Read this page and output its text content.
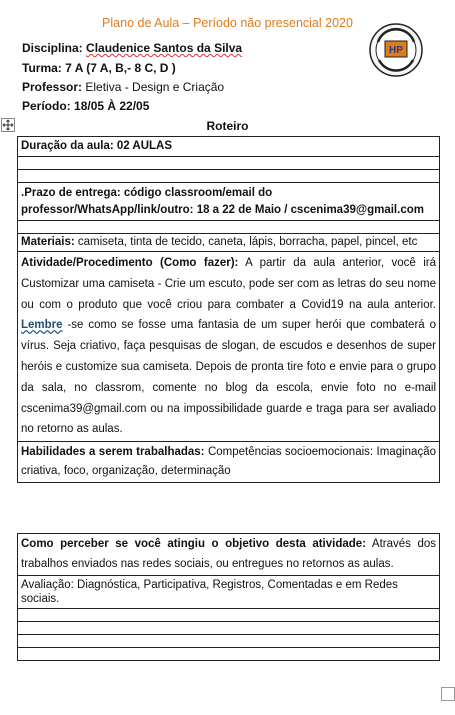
Plano de Aula – Período não presencial 2020
HP
Disciplina: Claudenice Santos da Silva
Turma: 7 A (7 A, B,- 8 C, D )
Professor: Eletiva - Design e Criação
Período: 18/05 À 22/05
Roteiro
Duração da aula: 02 AULAS

.Prazo de entrega: código classroom/email do professor/WhatsApp/link/outro: 18 a 22 de Maio / cscenima39@gmail.com

Materiais: camiseta, tinta de tecido, caneta, lápis, borracha, papel, pincel, etc
Atividade/Procedimento (Como fazer): A partir da aula anterior, você irá Customizar uma camiseta - Crie um escuto, pode ser com as letras do seu nome ou com o produto que você criou para combater a Covid19 na aula anterior. Lembre -se como se fosse uma fantasia de um super herói que combaterá o vírus. Seja criativo, faça pesquisas de slogan, de escudos e desenhos de super heróis e customize sua camiseta. Depois de pronta tire foto e envie para o grupo da sala, no classrom, comente no blog da escola, envie foto no e-mail cscenima39@gmail.com ou na impossibilidade guarde e traga para ser avaliado no retorno as aulas.
Habilidades a serem trabalhadas: Competências socioemocionais: Imaginação criativa, foco, organização, determinação
Como perceber se você atingiu o objetivo desta atividade: Através dos trabalhos enviados nas redes sociais, ou entregues no retornos as aulas.
Avaliação: Diagnóstica, Participativa, Registros, Comentadas e em Redes sociais.
